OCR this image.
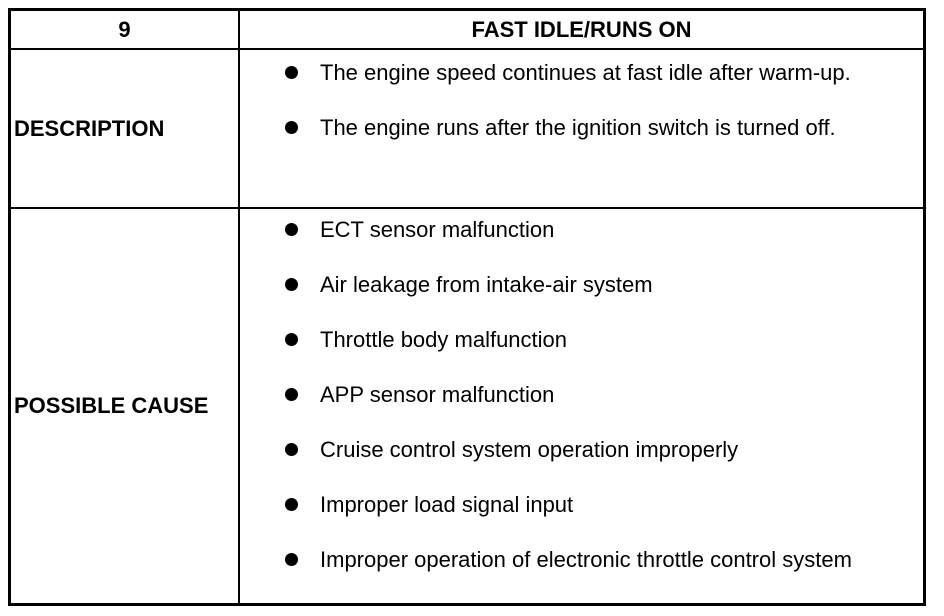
9	FAST IDLE/RUNS ON
DESCRIPTION
The engine speed continues at fast idle after warm-up.
The engine runs after the ignition switch is turned off.
POSSIBLE CAUSE
ECT sensor malfunction
Air leakage from intake-air system
Throttle body malfunction
APP sensor malfunction
Cruise control system operation improperly
Improper load signal input
Improper operation of electronic throttle control system
